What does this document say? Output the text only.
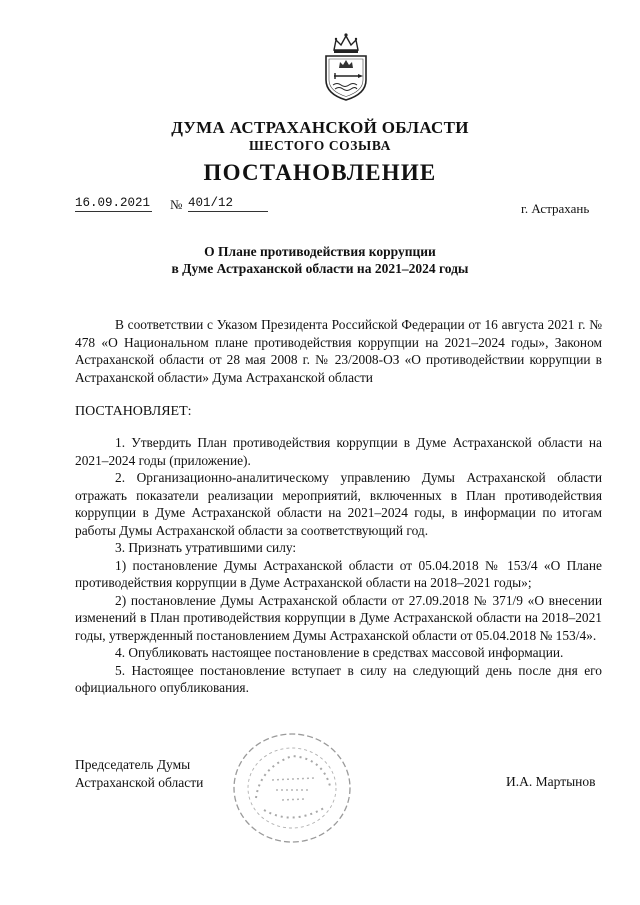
ДУМА АСТРАХАНСКОЙ ОБЛАСТИ
ШЕСТОГО СОЗЫВА
ПОСТАНОВЛЕНИЕ
16.09.2021 № 401/12	г. Астрахань
О Плане противодействия коррупции
в Думе Астраханской области на 2021–2024 годы

В соответствии с Указом Президента Российской Федерации от 16 августа 2021 г. № 478 «О Национальном плане противодействия коррупции на 2021–2024 годы», Законом Астраханской области от 28 мая 2008 г. № 23/2008-ОЗ «О противодействии коррупции в Астраханской области» Дума Астраханской области

ПОСТАНОВЛЯЕТ:

1. Утвердить План противодействия коррупции в Думе Астраханской области на 2021–2024 годы (приложение).

2. Организационно-аналитическому управлению Думы Астраханской области отражать показатели реализации мероприятий, включенных в План противодействия коррупции в Думе Астраханской области на 2021–2024 годы, в информации по итогам работы Думы Астраханской области за соответствующий год.

3. Признать утратившими силу:

1) постановление Думы Астраханской области от 05.04.2018 № 153/4 «О Плане противодействия коррупции в Думе Астраханской области на 2018–2021 годы»;

2) постановление Думы Астраханской области от 27.09.2018 № 371/9 «О внесении изменений в План противодействия коррупции в Думе Астраханской области на 2018–2021 годы, утвержденный постановлением Думы Астраханской области от 05.04.2018 № 153/4».

4. Опубликовать настоящее постановление в средствах массовой информации.

5. Настоящее постановление вступает в силу на следующий день после дня его официального опубликования.

Председатель Думы
Астраханской области	И.А. Мартынов
